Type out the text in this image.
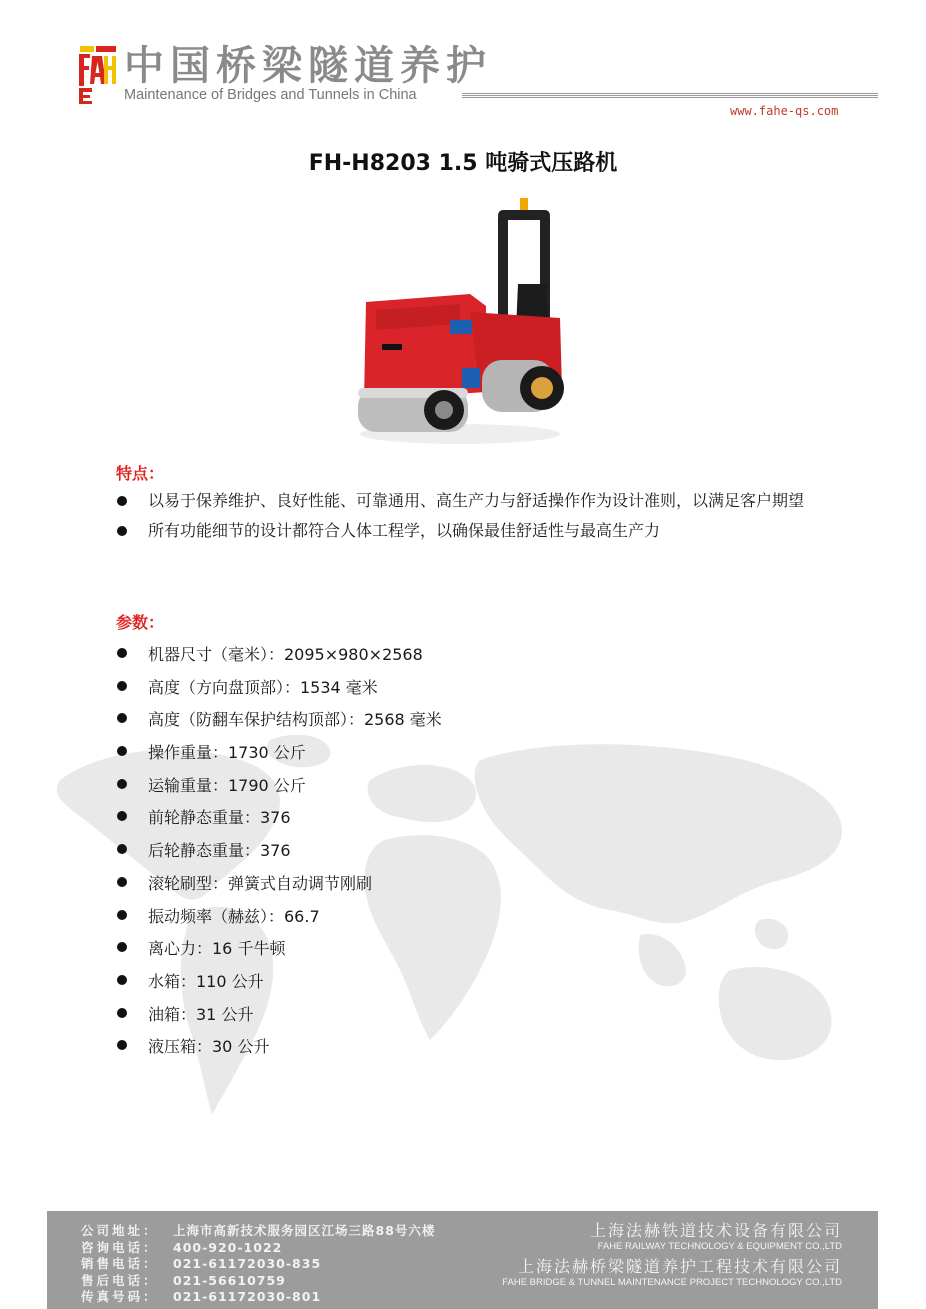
中国桥梁隧道养护
Maintenance of Bridges and Tunnels in China
www.fahe-qs.com
FH-H8203 1.5 吨骑式压路机
特点：
以易于保养维护、良好性能、可靠通用、高生产力与舒适操作作为设计准则，以满足客户期望
所有功能细节的设计都符合人体工程学，以确保最佳舒适性与最高生产力
参数：
机器尺寸（毫米）：2095×980×2568
高度（方向盘顶部）：1534 毫米
高度（防翻车保护结构顶部）：2568 毫米
操作重量：1730 公斤
运输重量：1790 公斤
前轮静态重量：376
后轮静态重量：376
滚轮刷型：弹簧式自动调节刚刷
振动频率（赫兹）：66.7
离心力：16 千牛顿
水箱：110 公升
油箱：31 公升
液压箱：30 公升
公司地址： 上海市高新技术服务园区江场三路88号六楼
咨询电话： 400-920-1022
销售电话： 021-61172030-835
售后电话： 021-56610759
传真号码： 021-61172030-801
上海法赫铁道技术设备有限公司
FAHE RAILWAY TECHNOLOGY & EQUIPMENT CO.,LTD
上海法赫桥梁隧道养护工程技术有限公司
FAHE BRIDGE & TUNNEL MAINTENANCE PROJECT TECHNOLOGY CO.,LTD
